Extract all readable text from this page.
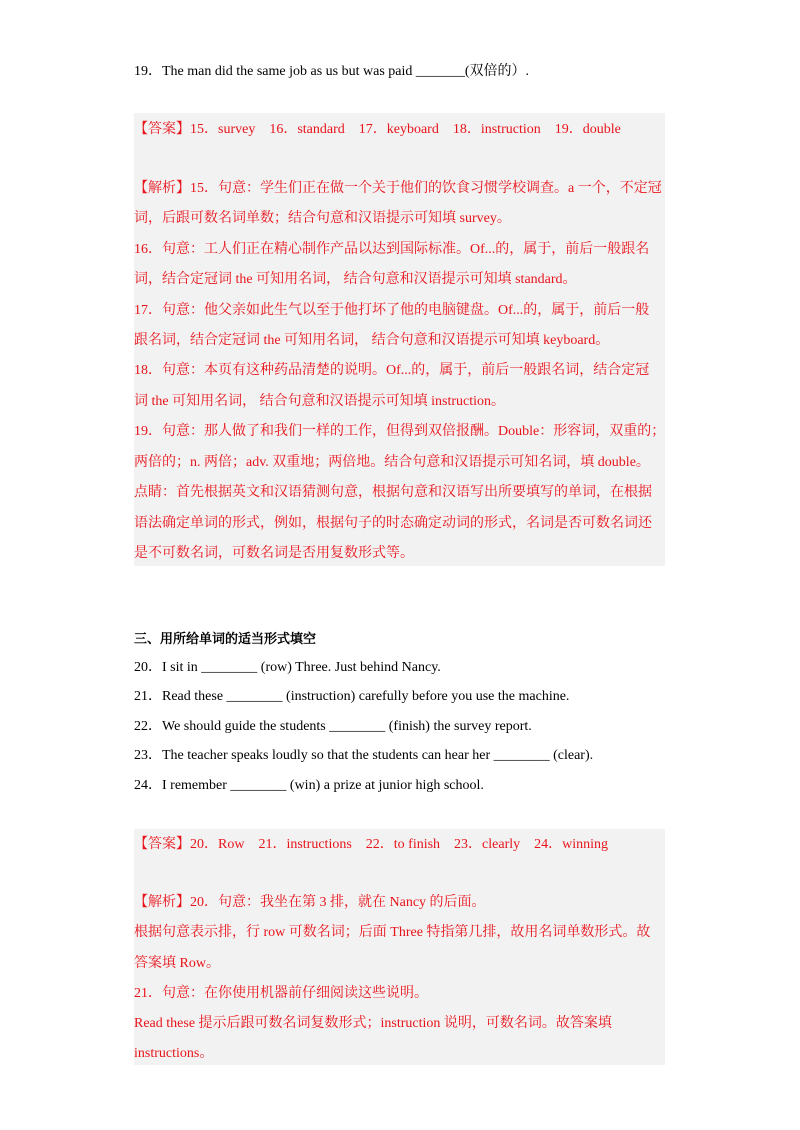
19．The man did the same job as us but was paid _______(双倍的）.
【答案】15．survey　16．standard　17．keyboard　18．instruction　19．double
【解析】15．句意：学生们正在做一个关于他们的饮食习惯学校调查。a 一个，不定冠
词，后跟可数名词单数；结合句意和汉语提示可知填 survey。
16．句意：工人们正在精心制作产品以达到国际标准。Of...的，属于，前后一般跟名
词，结合定冠词 the 可知用名词， 结合句意和汉语提示可知填 standard。
17．句意：他父亲如此生气以至于他打坏了他的电脑键盘。Of...的，属于，前后一般
跟名词，结合定冠词 the 可知用名词， 结合句意和汉语提示可知填 keyboard。
18．句意：本页有这种药品清楚的说明。Of...的，属于，前后一般跟名词，结合定冠
词 the 可知用名词， 结合句意和汉语提示可知填 instruction。
19．句意：那人做了和我们一样的工作，但得到双倍报酬。Double：形容词，双重的；
两倍的；n. 两倍；adv. 双重地；两倍地。结合句意和汉语提示可知名词，填 double。
点睛：首先根据英文和汉语猜测句意，根据句意和汉语写出所要填写的单词，在根据
语法确定单词的形式，例如，根据句子的时态确定动词的形式，名词是否可数名词还
是不可数名词，可数名词是否用复数形式等。
三、用所给单词的适当形式填空
20．I sit in ________ (row) Three. Just behind Nancy.
21．Read these ________ (instruction) carefully before you use the machine.
22．We should guide the students ________ (finish) the survey report.
23．The teacher speaks loudly so that the students can hear her ________ (clear).
24．I remember ________ (win) a prize at junior high school.
【答案】20．Row　21．instructions　22．to finish　23．clearly　24．winning
【解析】20．句意：我坐在第 3 排，就在 Nancy 的后面。
根据句意表示排，行 row 可数名词；后面 Three 特指第几排，故用名词单数形式。故
答案填 Row。
21．句意：在你使用机器前仔细阅读这些说明。
Read these 提示后跟可数名词复数形式；instruction 说明，可数名词。故答案填
instructions。
